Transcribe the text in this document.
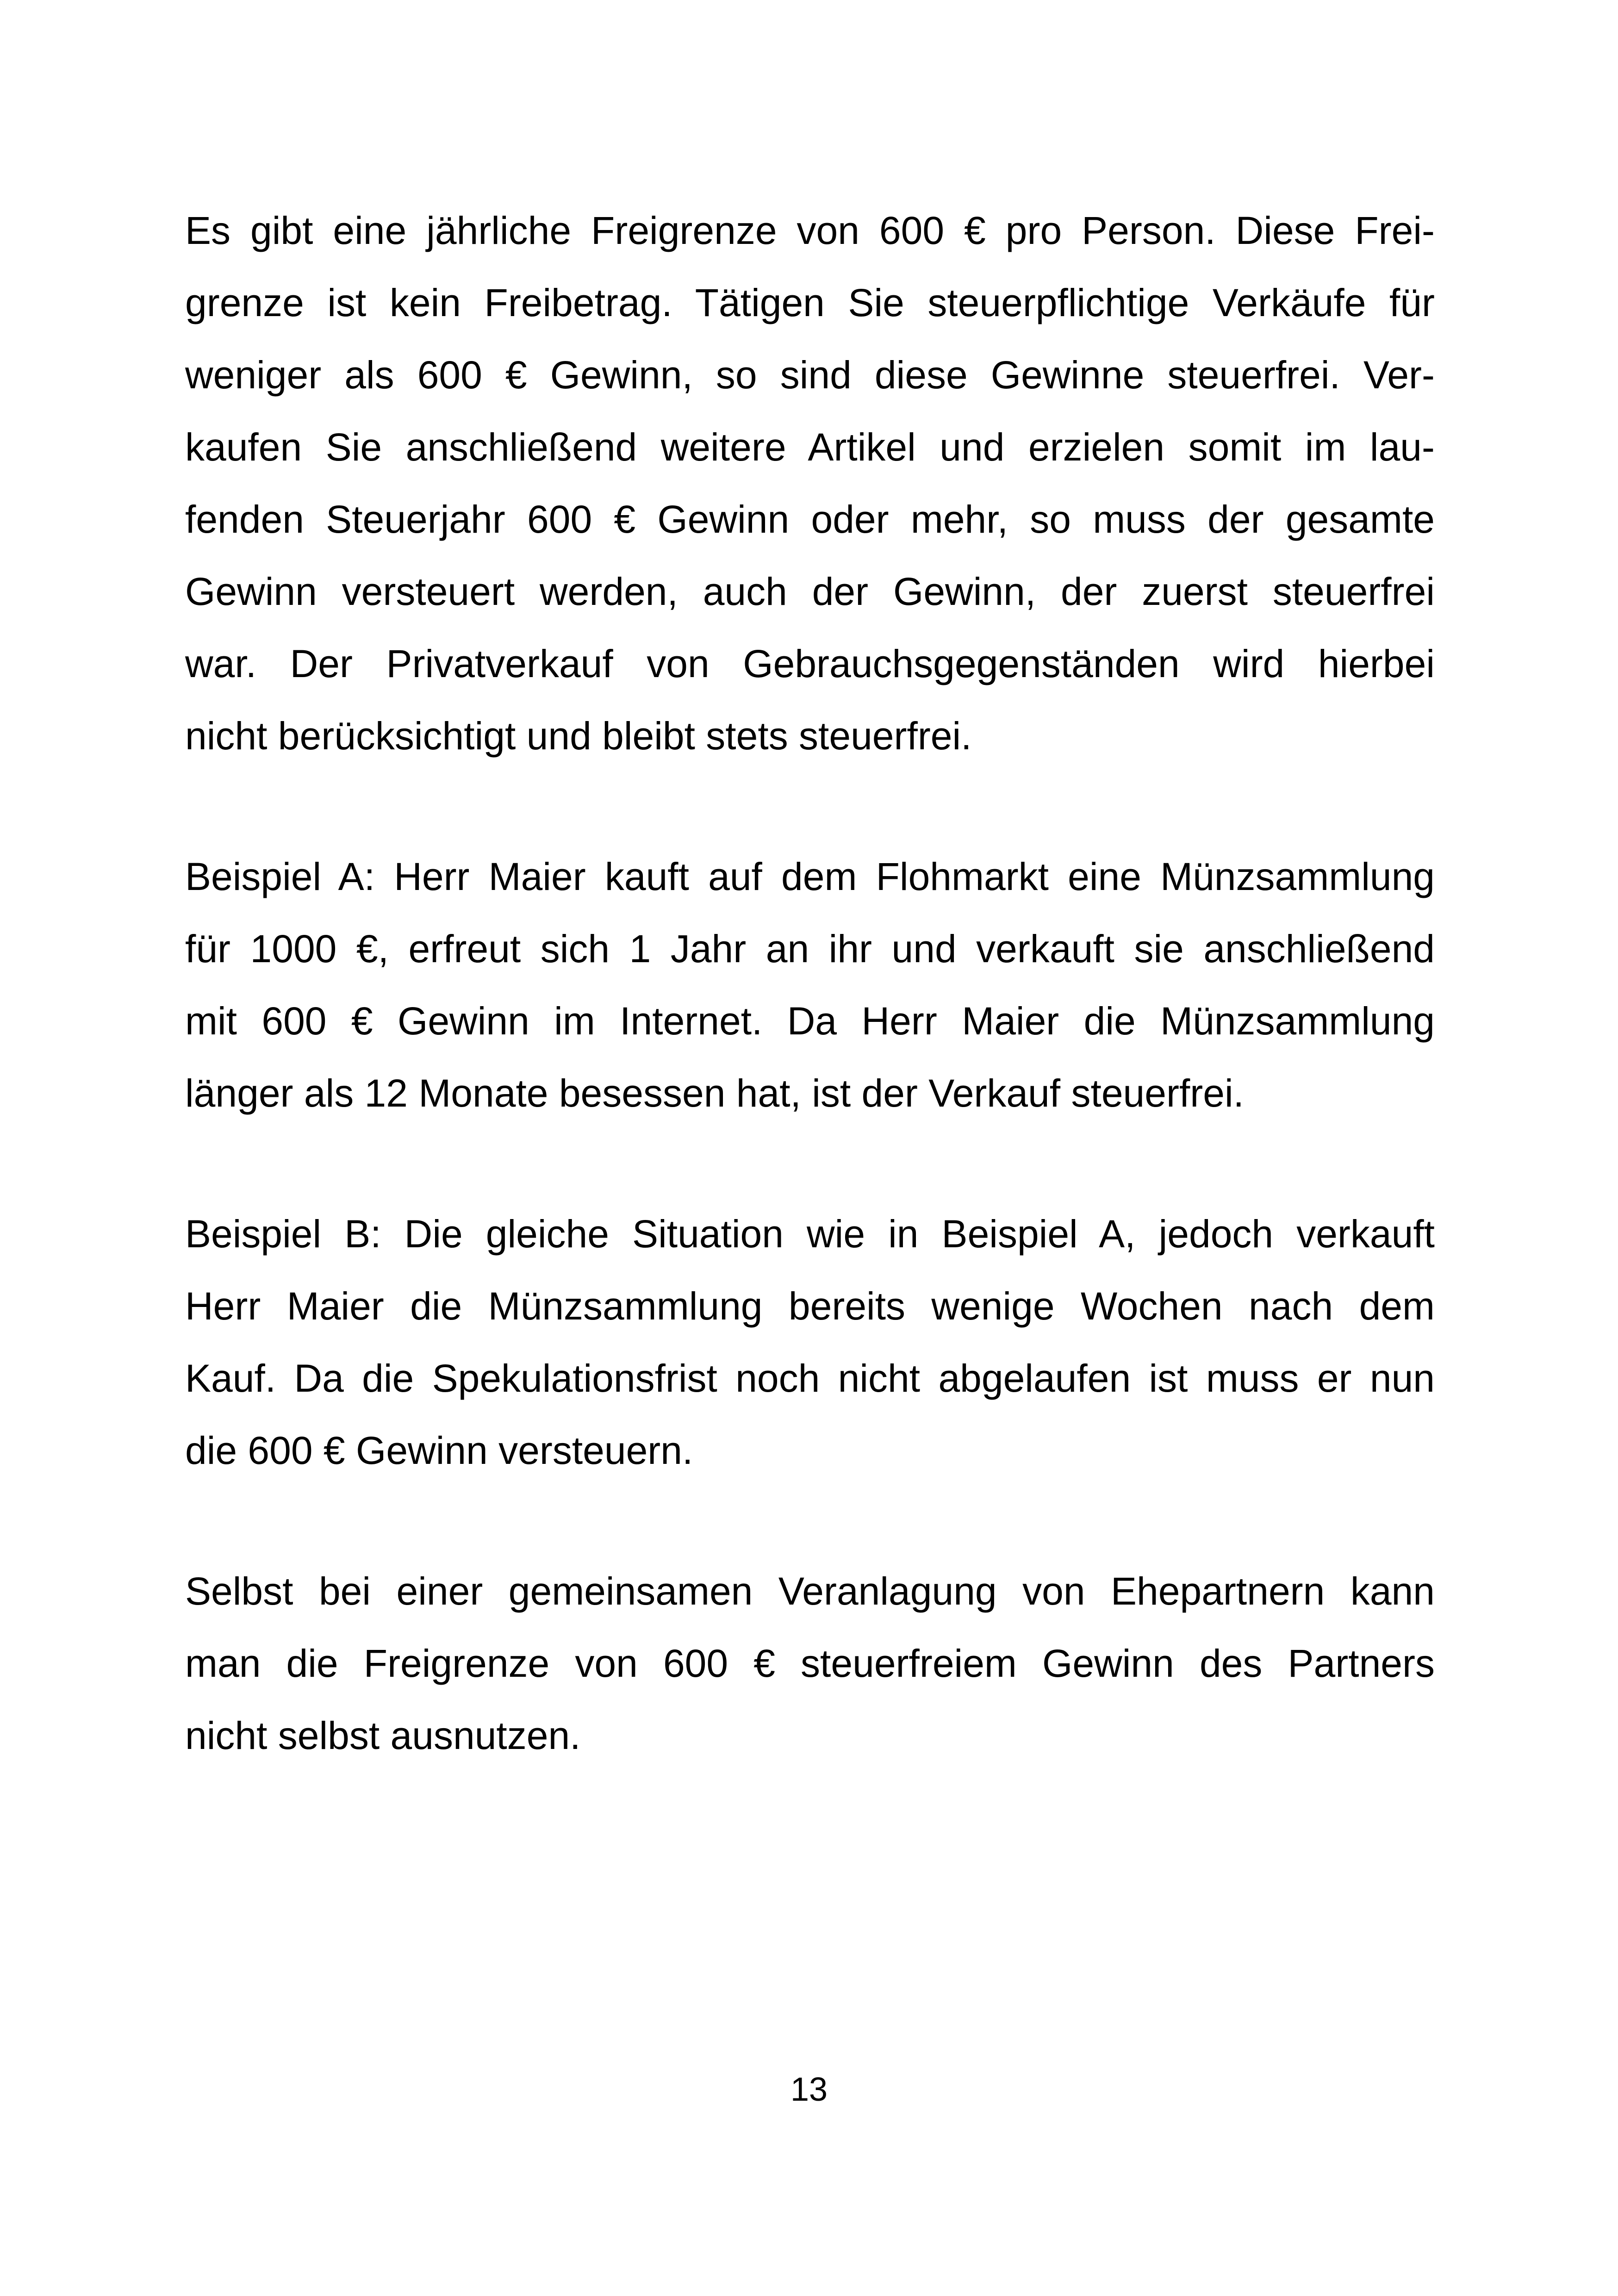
Es gibt eine jährliche Freigrenze von 600 € pro Person. Diese Frei-
grenze ist kein Freibetrag. Tätigen Sie steuerpflichtige Verkäufe für
weniger als 600 € Gewinn, so sind diese Gewinne steuerfrei. Ver-
kaufen Sie anschließend weitere Artikel und erzielen somit im lau-
fenden Steuerjahr 600 € Gewinn oder mehr, so muss der gesamte
Gewinn versteuert werden, auch der Gewinn, der zuerst steuerfrei
war. Der Privatverkauf von Gebrauchsgegenständen wird hierbei
nicht berücksichtigt und bleibt stets steuerfrei.

Beispiel A: Herr Maier kauft auf dem Flohmarkt eine Münzsammlung
für 1000 €, erfreut sich 1 Jahr an ihr und verkauft sie anschließend
mit 600 € Gewinn im Internet. Da Herr Maier die Münzsammlung
länger als 12 Monate besessen hat, ist der Verkauf steuerfrei.

Beispiel B: Die gleiche Situation wie in Beispiel A, jedoch verkauft
Herr Maier die Münzsammlung bereits wenige Wochen nach dem
Kauf. Da die Spekulationsfrist noch nicht abgelaufen ist muss er nun
die 600 € Gewinn versteuern.

Selbst bei einer gemeinsamen Veranlagung von Ehepartnern kann
man die Freigrenze von 600 € steuerfreiem Gewinn des Partners
nicht selbst ausnutzen.

13
